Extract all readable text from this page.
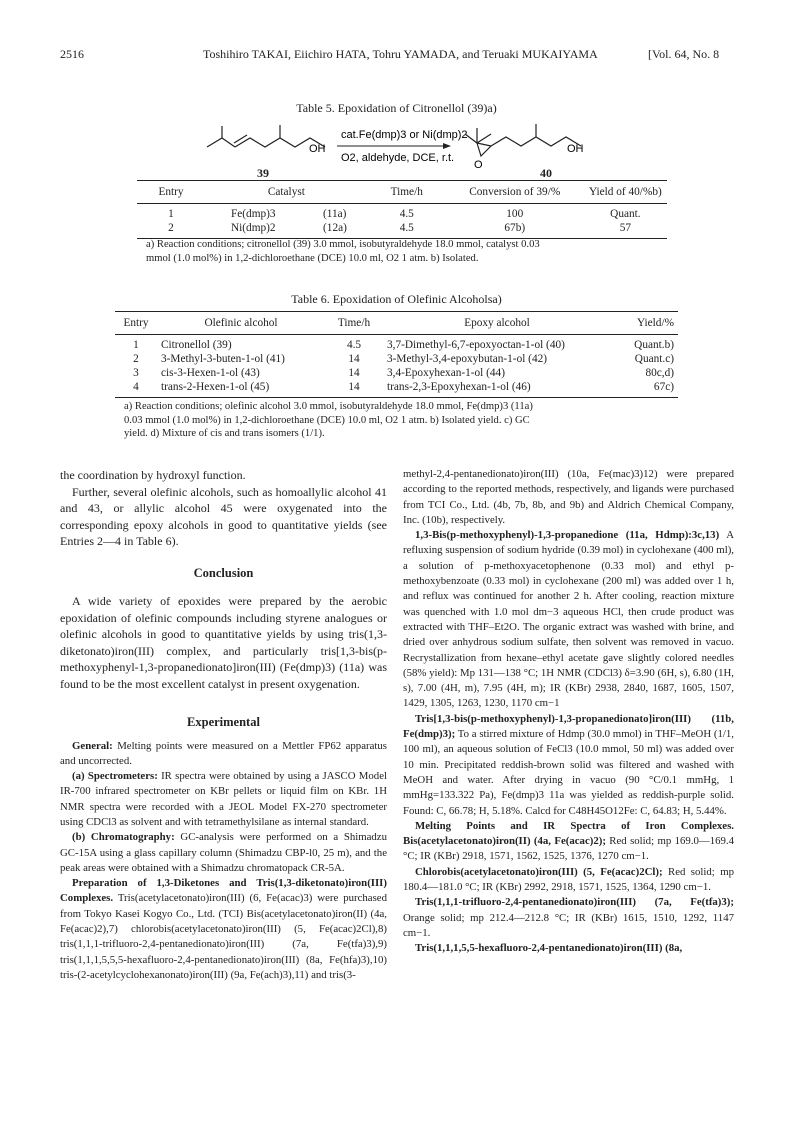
2516	Toshihiro TAKAI, Eiichiro HATA, Tohru YAMADA, and Teruaki MUKAIYAMA	[Vol. 64, No. 8
Table 5. Epoxidation of Citronellol (39)a)
OH
cat.Fe(dmp)3 or Ni(dmp)2
O2, aldehyde, DCE, r.t.
O
OH
39	40
Entry	Catalyst		Time/h	Conversion of 39/%	Yield of 40/%b)
1	Fe(dmp)3	(11a)	4.5	100	Quant.
2	Ni(dmp)2	(12a)	4.5	67b)	57
a) Reaction conditions; citronellol (39) 3.0 mmol, isobutyraldehyde 18.0 mmol, catalyst 0.03
mmol (1.0 mol%) in 1,2-dichloroethane (DCE) 10.0 ml, O2 1 atm. b) Isolated.
Table 6. Epoxidation of Olefinic Alcoholsa)
Entry	Olefinic alcohol	Time/h	Epoxy alcohol	Yield/%
1	Citronellol (39)	4.5	3,7-Dimethyl-6,7-epoxyoctan-1-ol (40)	Quant.b)
2	3-Methyl-3-buten-1-ol (41)	14	3-Methyl-3,4-epoxybutan-1-ol (42)	Quant.c)
3	cis-3-Hexen-1-ol (43)	14	3,4-Epoxyhexan-1-ol (44)	80c,d)
4	trans-2-Hexen-1-ol (45)	14	trans-2,3-Epoxyhexan-1-ol (46)	67c)
a) Reaction conditions; olefinic alcohol 3.0 mmol, isobutyraldehyde 18.0 mmol, Fe(dmp)3 (11a)
0.03 mmol (1.0 mol%) in 1,2-dichloroethane (DCE) 10.0 ml, O2 1 atm. b) Isolated yield. c) GC
yield. d) Mixture of cis and trans isomers (1/1).

the coordination by hydroxyl function.

Further, several olefinic alcohols, such as homoallylic alcohol 41 and 43, or allylic alcohol 45 were oxygenated into the corresponding epoxy alcohols in good to quantitative yields (see Entries 2—4 in Table 6).

Conclusion

A wide variety of epoxides were prepared by the aerobic epoxidation of olefinic compounds including styrene analogues or olefinic alcohols in good to quantitative yields by using tris(1,3-diketonato)iron(III) complex, and particularly tris[1,3-bis(p-methoxyphenyl-1,3-propanedionato]iron(III) (Fe(dmp)3) (11a) was found to be the most excellent catalyst in present oxygenation.

Experimental

General: Melting points were measured on a Mettler FP62 apparatus and uncorrected.

(a) Spectrometers: IR spectra were obtained by using a JASCO Model IR-700 infrared spectrometer on KBr pellets or liquid film on KBr. 1H NMR spectra were recorded with a JEOL Model FX-270 spectrometer using CDCl3 as solvent and with tetramethylsilane as internal standard.

(b) Chromatography: GC-analysis were performed on a Shimadzu GC-15A using a glass capillary column (Shimadzu CBP-l0, 25 m), and the peak areas were obtained with a Shimadzu chromatopack CR-5A.

Preparation of 1,3-Diketones and Tris(1,3-diketonato)iron(III) Complexes. Tris(acetylacetonato)iron(III) (6, Fe(acac)3) were purchased from Tokyo Kasei Kogyo Co., Ltd. (TCI) Bis(acetylacetonato)iron(II) (4a, Fe(acac)2),7) chlorobis(acetylacetonato)iron(III) (5, Fe(acac)2Cl),8) tris(1,1,1-trifluoro-2,4-pentanedionato)iron(III) (7a, Fe(tfa)3),9) tris(1,1,1,5,5,5-hexafluoro-2,4-pentanedionato)iron(III) (8a, Fe(hfa)3),10) tris-(2-acetylcyclohexanonato)iron(III) (9a, Fe(ach)3),11) and tris(3-

methyl-2,4-pentanedionato)iron(III) (10a, Fe(mac)3)12) were prepared according to the reported methods, respectively, and ligands were purchased from TCI Co., Ltd. (4b, 7b, 8b, and 9b) and Aldrich Chemical Company, Inc. (10b), respectively.

1,3-Bis(p-methoxyphenyl)-1,3-propanedione (11a, Hdmp):3c,13) A refluxing suspension of sodium hydride (0.39 mol) in cyclohexane (400 ml), a solution of p-methoxyacetophenone (0.33 mol) and ethyl p-methoxybenzoate (0.33 mol) in cyclohexane (200 ml) was added over 1 h, and reflux was continued for another 2 h. After cooling, reaction mixture was quenched with 1.0 mol dm−3 aqueous HCl, then crude product was extracted with THF–Et2O. The organic extract was washed with brine, and dried over anhydrous sodium sulfate, then solvent was removed in vacuo. Recrystallization from hexane–ethyl acetate gave slightly colored needles (58% yield): Mp 131—138 °C; 1H NMR (CDCl3) δ=3.90 (6H, s), 6.80 (1H, s), 7.00 (4H, m), 7.95 (4H, m); IR (KBr) 2938, 2840, 1687, 1605, 1507, 1429, 1305, 1263, 1230, 1170 cm−1

Tris[1,3-bis(p-methoxyphenyl)-1,3-propanedionato]iron(III) (11b, Fe(dmp)3); To a stirred mixture of Hdmp (30.0 mmol) in THF–MeOH (1/1, 100 ml), an aqueous solution of FeCl3 (10.0 mmol, 50 ml) was added over 10 min. Precipitated reddish-brown solid was filtered and washed with MeOH and water. After drying in vacuo (90 °C/0.1 mmHg, 1 mmHg=133.322 Pa), Fe(dmp)3 11a was yielded as reddish-purple solid. Found: C, 66.78; H, 5.18%. Calcd for C48H45O12Fe: C, 64.83; H, 5.44%.

Melting Points and IR Spectra of Iron Complexes. Bis(acetylacetonato)iron(II) (4a, Fe(acac)2); Red solid; mp 169.0—169.4 °C; IR (KBr) 2918, 1571, 1562, 1525, 1376, 1270 cm−1.

Chlorobis(acetylacetonato)iron(III) (5, Fe(acac)2Cl); Red solid; mp 180.4—181.0 °C; IR (KBr) 2992, 2918, 1571, 1525, 1364, 1290 cm−1.

Tris(1,1,1-trifluoro-2,4-pentanedionato)iron(III) (7a, Fe(tfa)3); Orange solid; mp 212.4—212.8 °C; IR (KBr) 1615, 1510, 1292, 1147 cm−1.

Tris(1,1,1,5,5-hexafluoro-2,4-pentanedionato)iron(III) (8a,
